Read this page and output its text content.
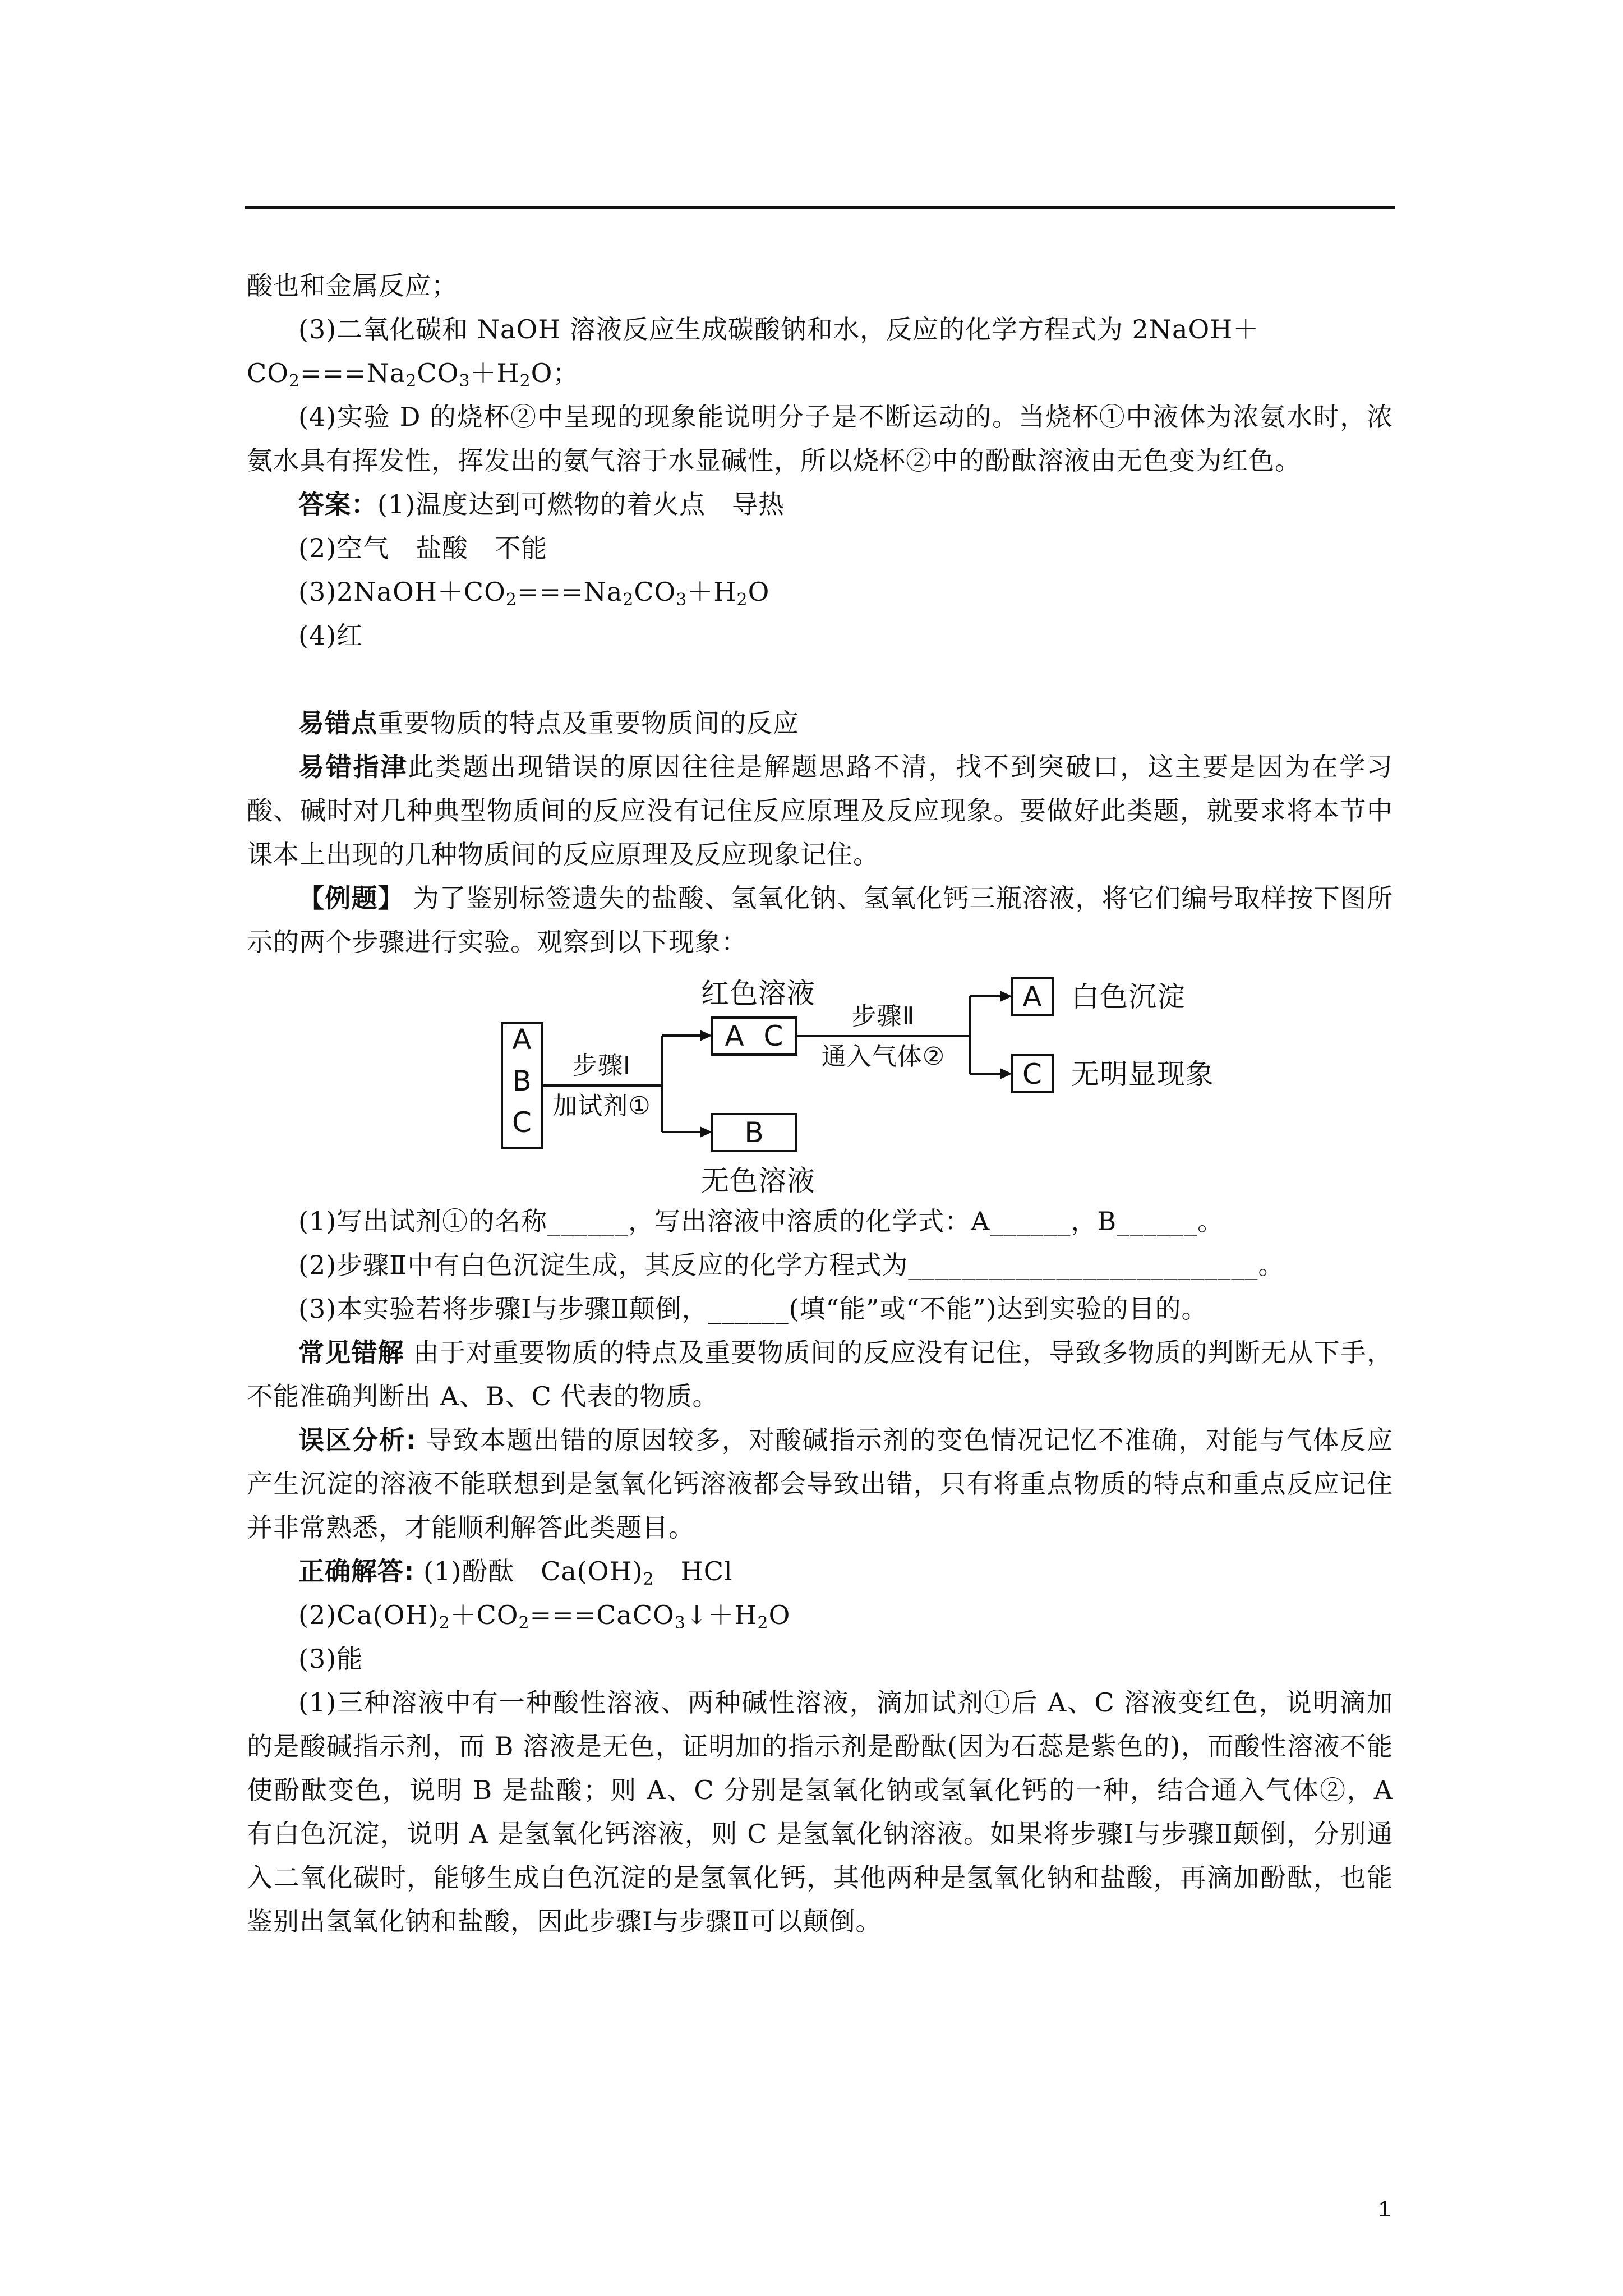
酸也和金属反应；

(3)二氧化碳和 NaOH 溶液反应生成碳酸钠和水，反应的化学方程式为 2NaOH＋

$CO_2===Na_2CO_3+H_2O$；

(4)实验 D 的烧杯②中呈现的现象能说明分子是不断运动的。当烧杯①中液体为浓氨水时，浓氨水具有挥发性，挥发出的氨气溶于水显碱性，所以烧杯②中的酚酞溶液由无色变为红色。

答案：(1)温度达到可燃物的着火点　导热

(2)空气　盐酸　不能

$(3)2NaOH+CO_2===Na_2CO_3+H_2O$

(4)红

易错点重要物质的特点及重要物质间的反应

易错指津此类题出现错误的原因往往是解题思路不清，找不到突破口，这主要是因为在学习酸、碱时对几种典型物质间的反应没有记住反应原理及反应现象。要做好此类题，就要求将本节中课本上出现的几种物质间的反应原理及反应现象记住。

【例题】 为了鉴别标签遗失的盐酸、氢氧化钠、氢氧化钙三瓶溶液，将它们编号取样按下图所示的两个步骤进行实验。观察到以下现象：

A
B
C
步骤Ⅰ
加试剂①
红色溶液
A  C
B
无色溶液
步骤Ⅱ
通入气体②
A 白色沉淀
C 无明显现象

(1)写出试剂①的名称______，写出溶液中溶质的化学式：A______，B______。

(2)步骤Ⅱ中有白色沉淀生成，其反应的化学方程式为__________________________。

(3)本实验若将步骤Ⅰ与步骤Ⅱ颠倒，______(填“能”或“不能”)达到实验的目的。

常见错解 由于对重要物质的特点及重要物质间的反应没有记住，导致多物质的判断无从下手，不能准确判断出 A、B、C 代表的物质。

误区分析: 导致本题出错的原因较多，对酸碱指示剂的变色情况记忆不准确，对能与气体反应产生沉淀的溶液不能联想到是氢氧化钙溶液都会导致出错，只有将重点物质的特点和重点反应记住并非常熟悉，才能顺利解答此类题目。

正确解答: (1)酚酞　$Ca(OH)_2$　HCl

$(2)Ca(OH)_2+CO_2===CaCO_3↓+H_2O$

(3)能

(1)三种溶液中有一种酸性溶液、两种碱性溶液，滴加试剂①后 A、C 溶液变红色，说明滴加的是酸碱指示剂，而 B 溶液是无色，证明加的指示剂是酚酞(因为石蕊是紫色的)，而酸性溶液不能使酚酞变色，说明 B 是盐酸；则 A、C 分别是氢氧化钠或氢氧化钙的一种，结合通入气体②，A 有白色沉淀，说明 A 是氢氧化钙溶液，则 C 是氢氧化钠溶液。如果将步骤Ⅰ与步骤Ⅱ颠倒，分别通入二氧化碳时，能够生成白色沉淀的是氢氧化钙，其他两种是氢氧化钠和盐酸，再滴加酚酞，也能鉴别出氢氧化钠和盐酸，因此步骤Ⅰ与步骤Ⅱ可以颠倒。

1
